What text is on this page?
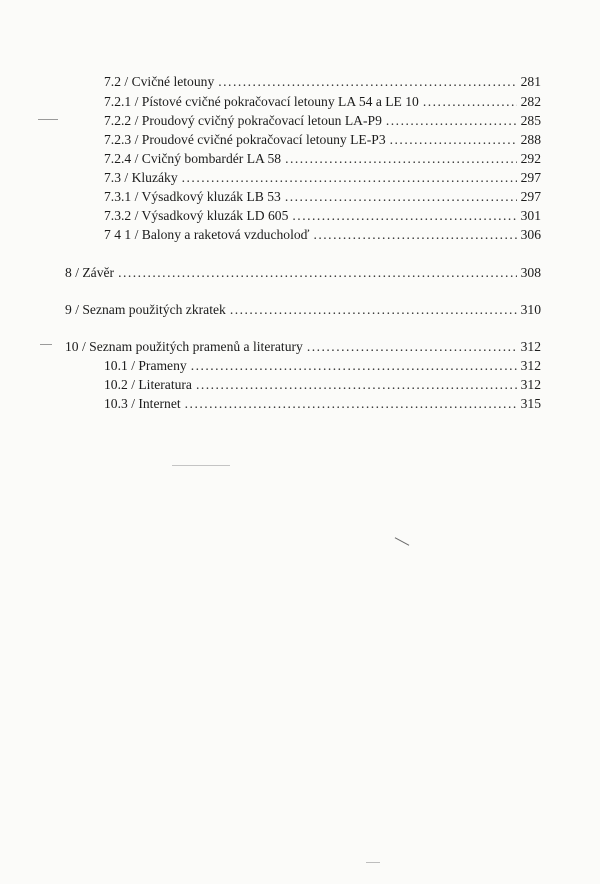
7.2 / Cvičné letouny .....	281
7.2.1 / Pístové cvičné pokračovací letouny LA 54 a LE 10 .....	282
7.2.2 / Proudový cvičný pokračovací letoun LA-P9 .....	285
7.2.3 / Proudové cvičné pokračovací letouny LE-P3 .....	288
7.2.4 / Cvičný bombardér LA 58 .....	292
7.3 / Kluzáky .....	297
7.3.1 / Výsadkový kluzák LB 53 .....	297
7.3.2 / Výsadkový kluzák LD 605 .....	301
7 4 1 / Balony a raketová vzducholoď .....	306
8 / Závěr .....	308
9 / Seznam použitých zkratek .....	310
10 / Seznam použitých pramenů a literatury .....	312
10.1 / Prameny .....	312
10.2 / Literatura .....	312
10.3 / Internet .....	315
